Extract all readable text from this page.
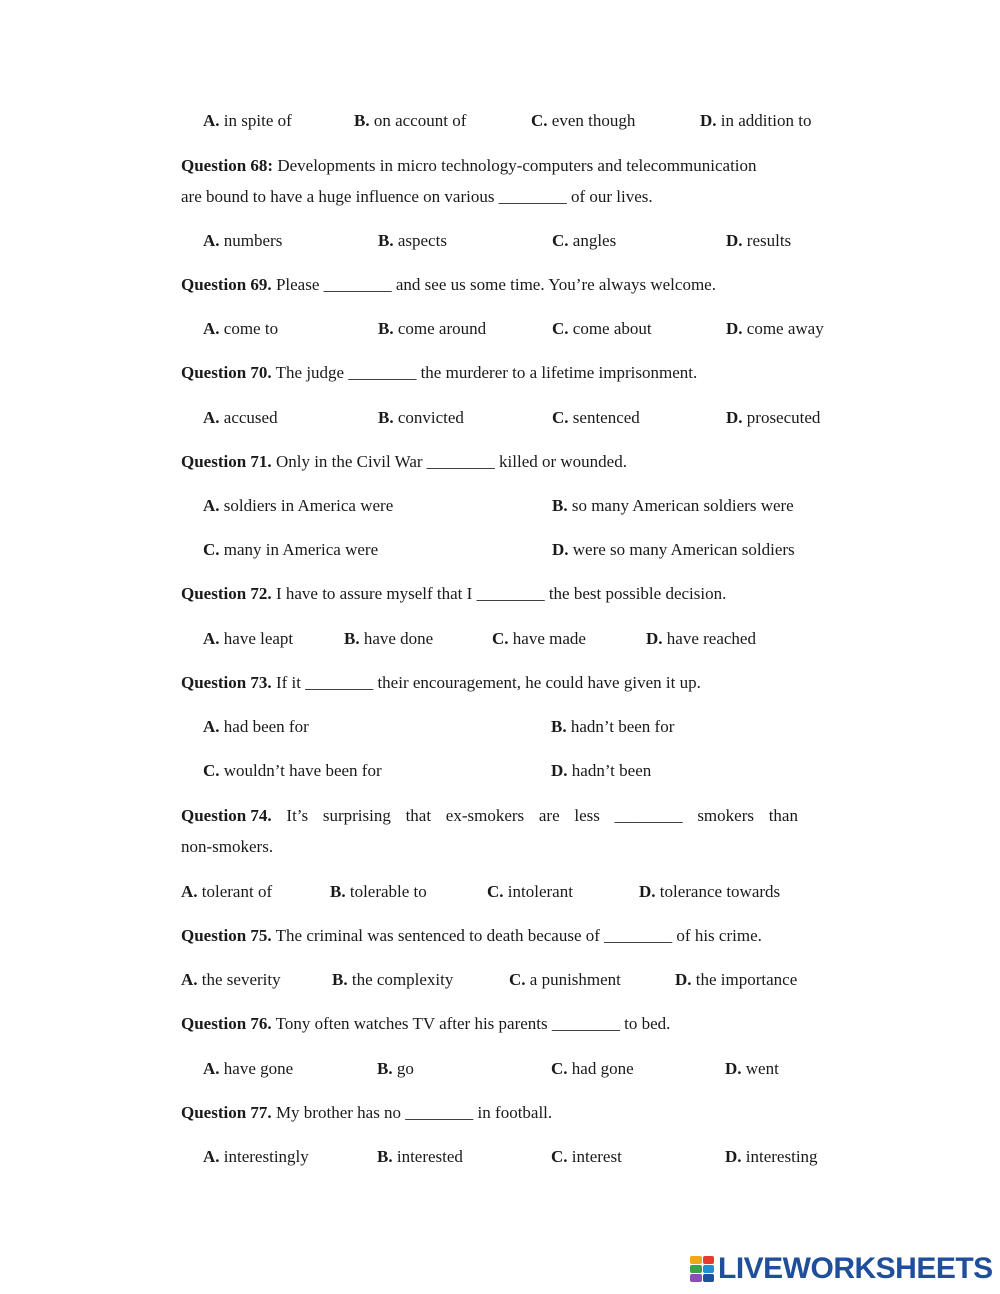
A. in spite of	B. on account of	C. even though	D. in addition to
Question 68: Developments in micro technology-computers and telecommunication
are bound to have a huge influence on various ________ of our lives.
A. numbers	B. aspects	C. angles	D. results
Question 69. Please ________ and see us some time. You’re always welcome.
A. come to	B. come around	C. come about	D. come away
Question 70. The judge ________ the murderer to a lifetime imprisonment.
A. accused	B. convicted	C. sentenced	D. prosecuted
Question 71. Only in the Civil War ________ killed or wounded.
A. soldiers in America were	B. so many American soldiers were
C. many in America were	D. were so many American soldiers
Question 72. I have to assure myself that I ________ the best possible decision.
A. have leapt	B. have done	C. have made	D. have reached
Question 73. If it ________ their encouragement, he could have given it up.
A. had been for	B. hadn’t been for
C. wouldn’t have been for	D. hadn’t been
Question 74. It’s surprising that ex-smokers are less ________ smokers than
non-smokers.
A. tolerant of	B. tolerable to	C. intolerant	D. tolerance towards
Question 75. The criminal was sentenced to death because of ________ of his crime.
A. the severity	B. the complexity	C. a punishment	D. the importance
Question 76. Tony often watches TV after his parents ________ to bed.
A. have gone	B. go	C. had gone	D. went
Question 77. My brother has no ________ in football.
A. interestingly	B. interested	C. interest	D. interesting
LIVEWORKSHEETS
